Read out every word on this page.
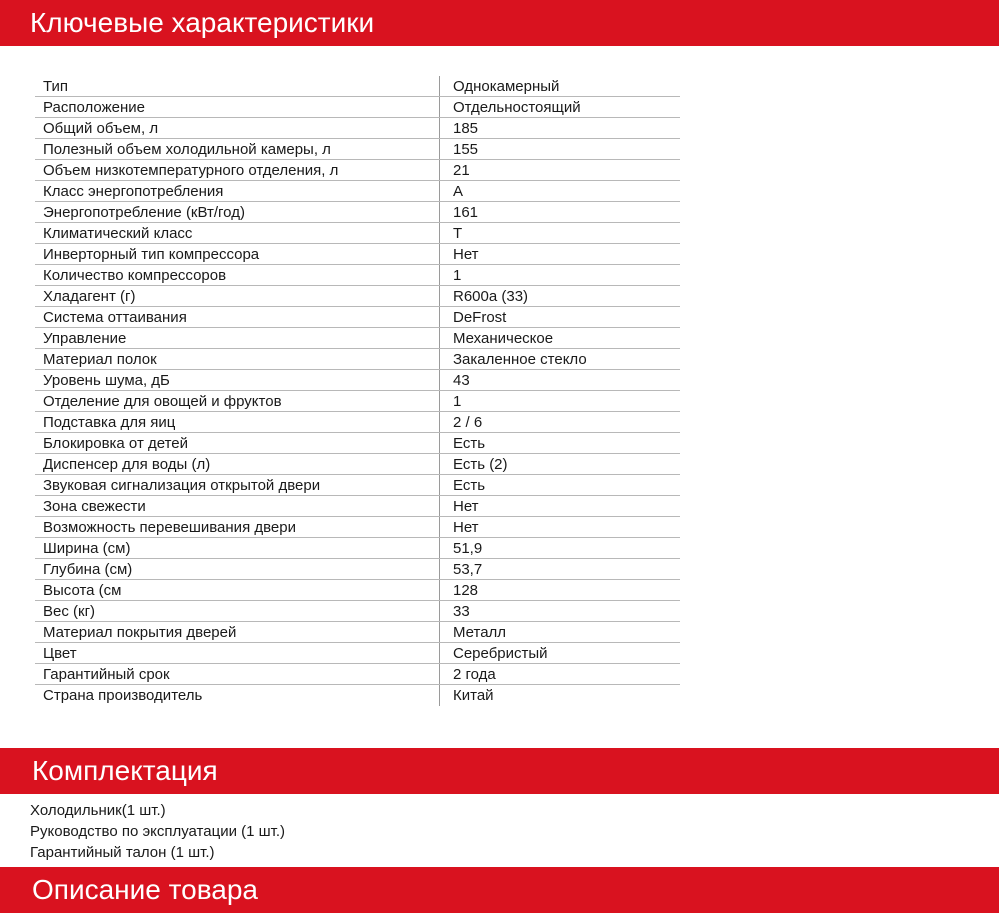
Ключевые характеристики
Тип	Однокамерный
Расположение	Отдельностоящий
Общий объем, л	185
Полезный объем холодильной камеры, л	155
Объем низкотемпературного отделения, л	21
Класс энергопотребления	А
Энергопотребление (кВт/год)	161
Климатический класс	T
Инверторный тип компрессора	Нет
Количество компрессоров	1
Хладагент (г)	R600a (33)
Система оттаивания	DeFrost
Управление	Механическое
Материал полок	Закаленное стекло
Уровень шума, дБ	43
Отделение для овощей и фруктов	1
Подставка для яиц	2 / 6
Блокировка от детей	Есть
Диспенсер для воды (л)	Есть (2)
Звуковая сигнализация открытой двери	Есть
Зона свежести	Нет
Возможность перевешивания двери	Нет
Ширина (см)	51,9
Глубина (см)	53,7
Высота (см	128
Вес (кг)	33
Материал покрытия дверей	Металл
Цвет	Серебристый
Гарантийный срок	2 года
Страна производитель	Китай
Комплектация
Холодильник(1 шт.)
Руководство по эксплуатации (1 шт.)
Гарантийный талон (1 шт.)
Описание товара
